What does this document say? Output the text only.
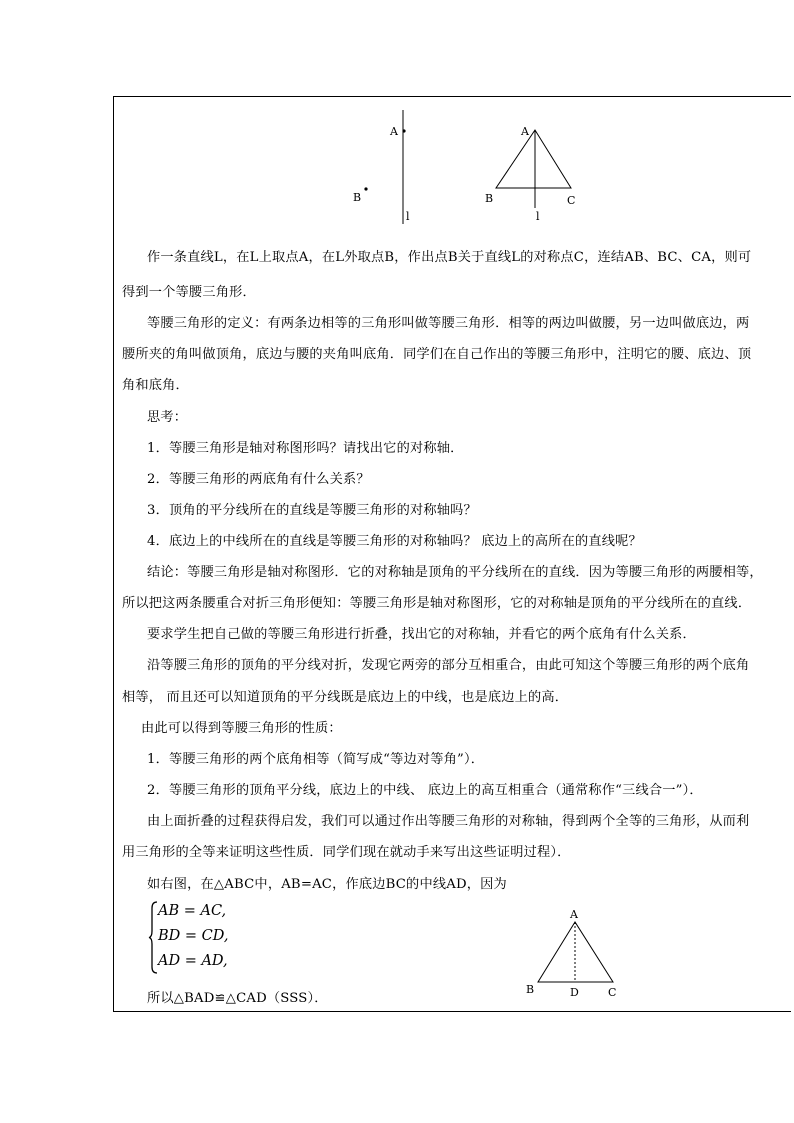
A
B
l
A
B	C
l

作一条直线L，在L上取点A，在L外取点B，作出点B关于直线L的对称点C，连结AB、BC、CA，则可

得到一个等腰三角形．

等腰三角形的定义：有两条边相等的三角形叫做等腰三角形．相等的两边叫做腰，另一边叫做底边，两

腰所夹的角叫做顶角，底边与腰的夹角叫底角．同学们在自己作出的等腰三角形中，注明它的腰、底边、顶

角和底角．

思考：

1．等腰三角形是轴对称图形吗？请找出它的对称轴．

2．等腰三角形的两底角有什么关系？

3．顶角的平分线所在的直线是等腰三角形的对称轴吗？

4．底边上的中线所在的直线是等腰三角形的对称轴吗？ 底边上的高所在的直线呢？

结论：等腰三角形是轴对称图形．它的对称轴是顶角的平分线所在的直线．因为等腰三角形的两腰相等，

所以把这两条腰重合对折三角形便知：等腰三角形是轴对称图形，它的对称轴是顶角的平分线所在的直线．

要求学生把自己做的等腰三角形进行折叠，找出它的对称轴，并看它的两个底角有什么关系．

沿等腰三角形的顶角的平分线对折，发现它两旁的部分互相重合，由此可知这个等腰三角形的两个底角

相等， 而且还可以知道顶角的平分线既是底边上的中线，也是底边上的高．

由此可以得到等腰三角形的性质：

1．等腰三角形的两个底角相等（简写成“等边对等角”）．

2．等腰三角形的顶角平分线，底边上的中线、 底边上的高互相重合（通常称作“三线合一”）．

由上面折叠的过程获得启发，我们可以通过作出等腰三角形的对称轴，得到两个全等的三角形，从而利

用三角形的全等来证明这些性质．同学们现在就动手来写出这些证明过程）．

如右图，在△ABC中，AB=AC，作底边BC的中线AD，因为

AB = AC,
BD = CD,
AD = AD,

所以△BAD≌△CAD（SSS）．

A
B	D	C
